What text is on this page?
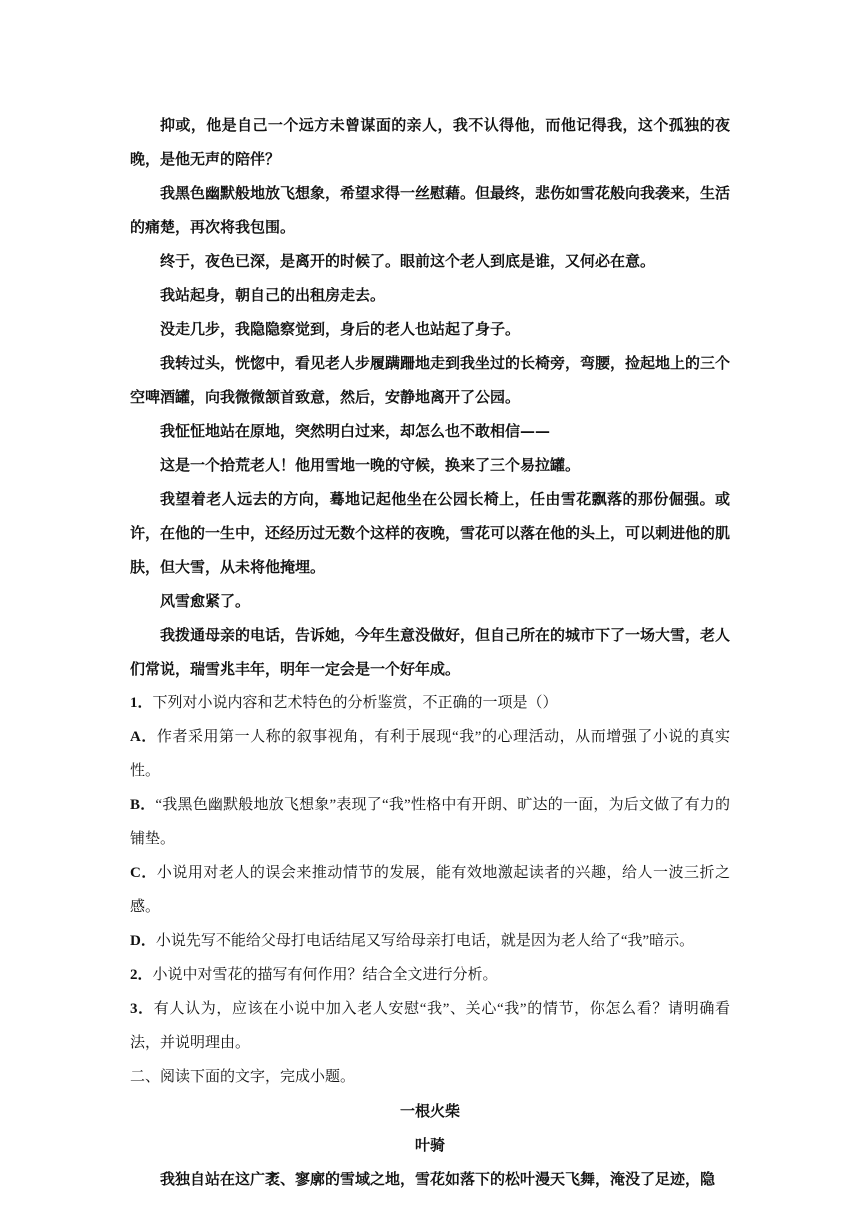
抑或，他是自己一个远方未曾谋面的亲人，我不认得他，而他记得我，这个孤独的夜晚，是他无声的陪伴？

我黑色幽默般地放飞想象，希望求得一丝慰藉。但最终，悲伤如雪花般向我袭来，生活的痛楚，再次将我包围。

终于，夜色已深，是离开的时候了。眼前这个老人到底是谁，又何必在意。

我站起身，朝自己的出租房走去。

没走几步，我隐隐察觉到，身后的老人也站起了身子。

我转过头，恍惚中，看见老人步履蹒跚地走到我坐过的长椅旁，弯腰，捡起地上的三个空啤酒罐，向我微微颔首致意，然后，安静地离开了公园。

我怔怔地站在原地，突然明白过来，却怎么也不敢相信——

这是一个拾荒老人！他用雪地一晚的守候，换来了三个易拉罐。

我望着老人远去的方向，蓦地记起他坐在公园长椅上，任由雪花飘落的那份倔强。或许，在他的一生中，还经历过无数个这样的夜晚，雪花可以落在他的头上，可以刺进他的肌肤，但大雪，从未将他掩埋。

风雪愈紧了。

我拨通母亲的电话，告诉她，今年生意没做好，但自己所在的城市下了一场大雪，老人们常说，瑞雪兆丰年，明年一定会是一个好年成。

1．下列对小说内容和艺术特色的分析鉴赏，不正确的一项是（）

A．作者采用第一人称的叙事视角，有利于展现“我”的心理活动，从而增强了小说的真实性。

B．“我黑色幽默般地放飞想象”表现了“我”性格中有开朗、旷达的一面，为后文做了有力的铺垫。

C．小说用对老人的误会来推动情节的发展，能有效地激起读者的兴趣，给人一波三折之感。

D．小说先写不能给父母打电话结尾又写给母亲打电话，就是因为老人给了“我”暗示。

2．小说中对雪花的描写有何作用？结合全文进行分析。

3．有人认为，应该在小说中加入老人安慰“我”、关心“我”的情节，你怎么看？请明确看法，并说明理由。

二、阅读下面的文字，完成小题。

一根火柴

叶骑

我独自站在这广袤、寥廓的雪域之地，雪花如落下的松叶漫天飞舞，淹没了足迹，隐
